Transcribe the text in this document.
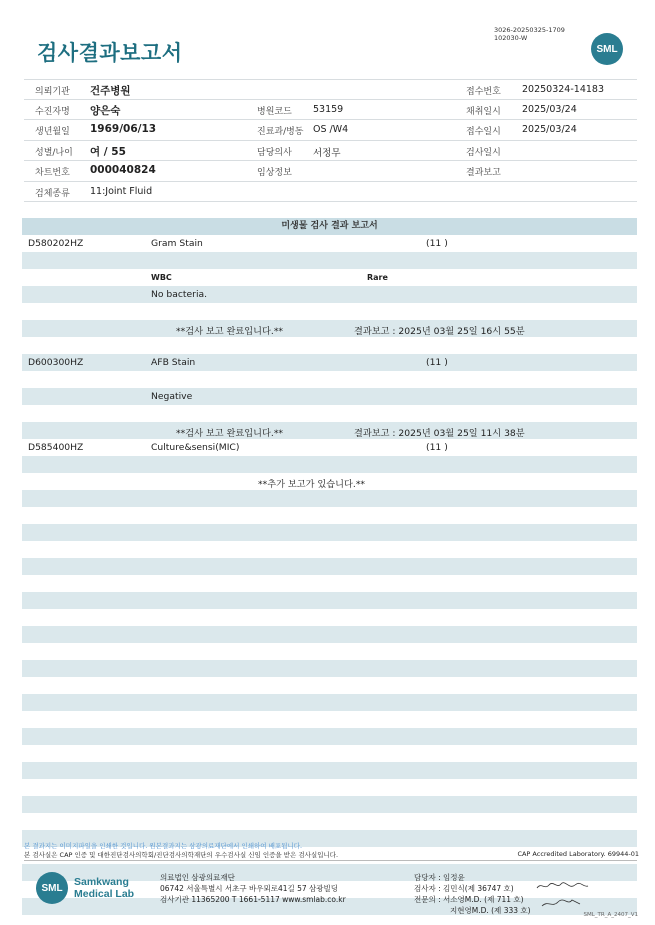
검사결과보고서
3026-20250325-1709
102030-W
SML
의뢰기관 건주병원	접수번호 20250324-14183
수진자명 양은숙	병원코드 53159	채취일시 2025/03/24
생년월일 1969/06/13	진료과/병동 OS /W4	접수일시 2025/03/24
성별/나이 여 / 55	담당의사 서정무	검사일시
차트번호 000040824	임상정보	결과보고
검체종류 11:Joint Fluid
미생물 검사 결과 보고서
D580202HZ	Gram Stain	(11 )
WBC	Rare
No bacteria.
**검사 보고 완료입니다.**	결과보고 : 2025년 03월 25일 16시 55분
D600300HZ	AFB Stain	(11 )
Negative
**검사 보고 완료입니다.**	결과보고 : 2025년 03월 25일 11시 38분
D585400HZ	Culture&sensi(MIC)	(11 )
**추가 보고가 있습니다.**
본 결과지는 이미지파일을 인쇄한 것입니다. 원본결과지는 삼광의료재단에서 인쇄하여 배포됩니다.
본 검사실은 CAP 인증 및 대한진단검사의학회/진단검사의학재단의 우수검사실 신임 인증을 받은 검사실입니다.	CAP Accredited Laboratory. 69944-01
SML	Samkwang
Medical Lab
의료법인 삼광의료재단
06742 서울특별시 서초구 바우뫼로41길 57 삼광빌딩
검사기관 11365200 T 1661-5117 www.smlab.co.kr
담당자 : 임정윤
검사자 : 김민식(제 36747 호)
전문의 : 서소영M.D. (제 711 호)
지현영M.D. (제 333 호)	SML_TR_A_2407_V1
